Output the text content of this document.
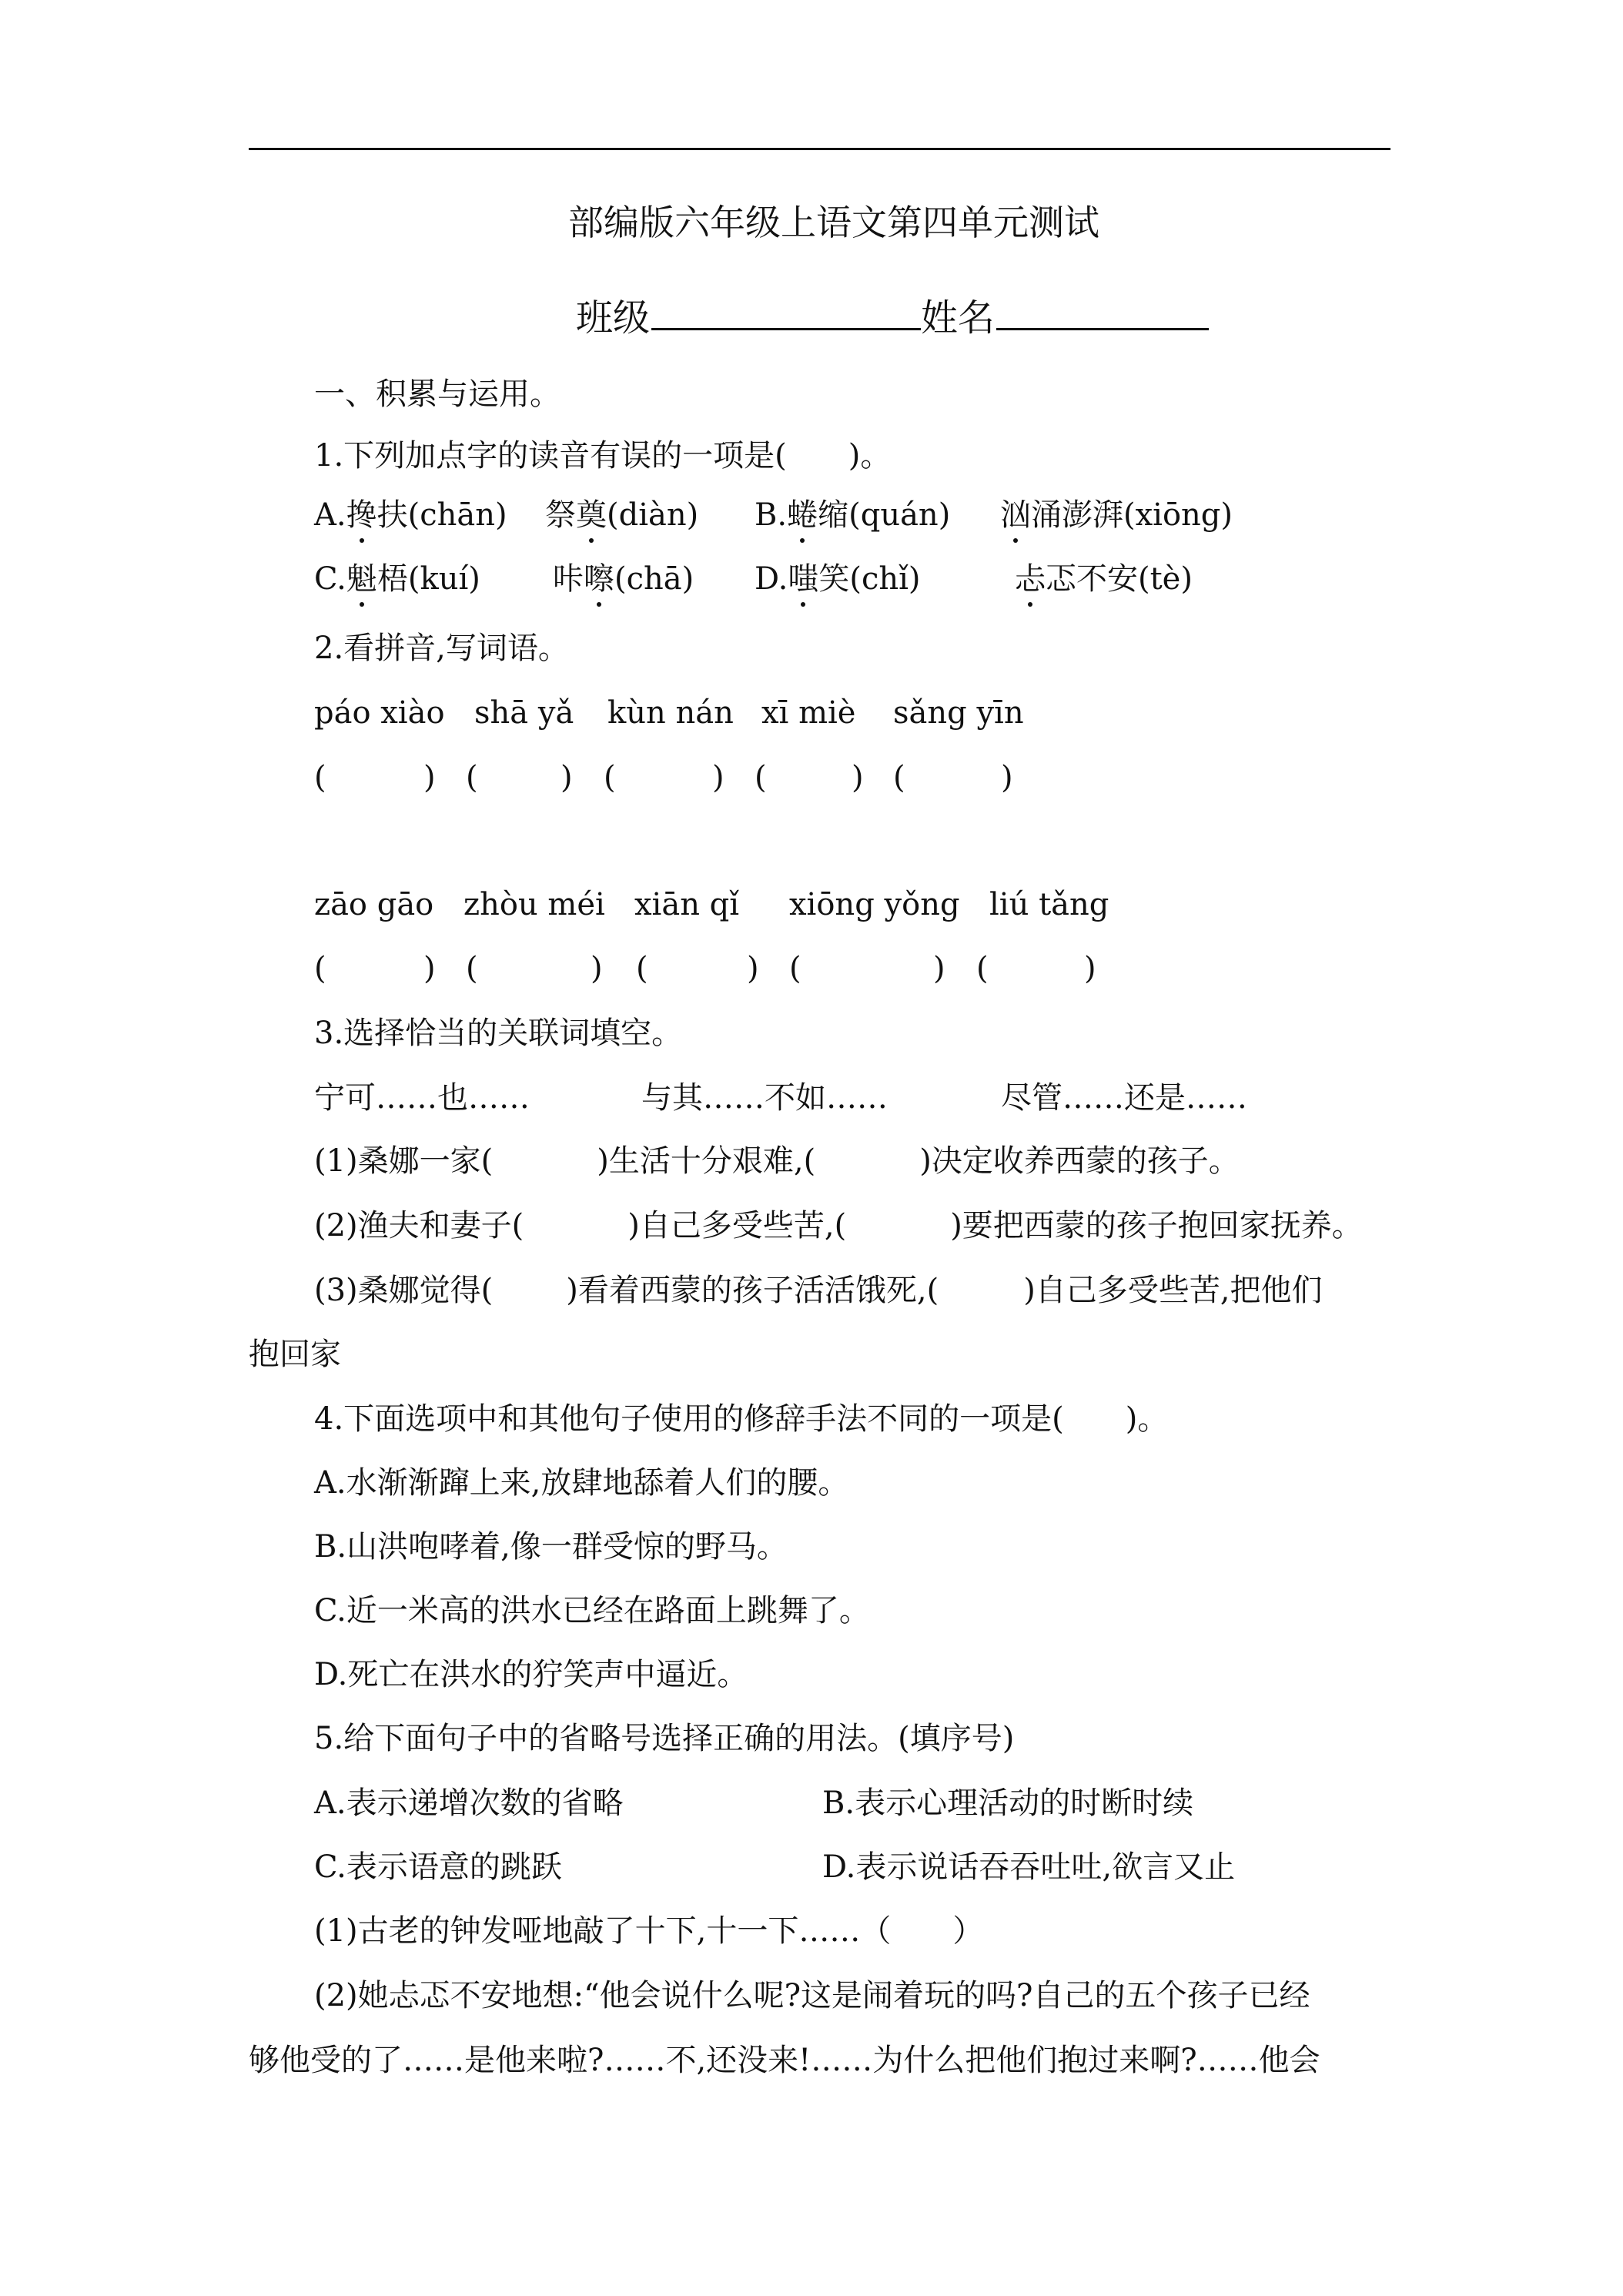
部编版六年级上语文第四单元测试
班级	姓名
一、积累与运用。
1.下列加点字的读音有误的一项是(　　)。
A.搀扶(chān) 祭奠(diàn) B.蜷缩(quán) 汹涌澎湃(xiōng)
C.魁梧(kuí) 咔嚓(chā) D.嗤笑(chǐ)	忐忑不安(tè)
2.看拼音,写词语。
páo xiào shā yǎ kùn nán xī miè sǎng yīn
(	) (	) (	) (	) (	)
zāo gāo zhòu méi xiān qǐ xiōng yǒng liú tǎng
(	) (	) (	) (	) (	)
3.选择恰当的关联词填空。
宁可……也……	与其……不如……	尽管……还是……
(1)桑娜一家(	)生活十分艰难,(	)决定收养西蒙的孩子。
(2)渔夫和妻子(	)自己多受些苦,(	)要把西蒙的孩子抱回家抚养。
(3)桑娜觉得( )看着西蒙的孩子活活饿死,(	)自己多受些苦,把他们
抱回家
4.下面选项中和其他句子使用的修辞手法不同的一项是(　　)。
A.水渐渐蹿上来,放肆地舔着人们的腰。
B.山洪咆哮着,像一群受惊的野马。
C.近一米高的洪水已经在路面上跳舞了。
D.死亡在洪水的狞笑声中逼近。
5.给下面句子中的省略号选择正确的用法。(填序号)
A.表示递增次数的省略	B.表示心理活动的时断时续
C.表示语意的跳跃	D.表示说话吞吞吐吐,欲言又止
(1)古老的钟发哑地敲了十下,十一下……（　　）
(2)她忐忑不安地想:“他会说什么呢?这是闹着玩的吗?自己的五个孩子已经
够他受的了……是他来啦?……不,还没来!……为什么把他们抱过来啊?……他会
